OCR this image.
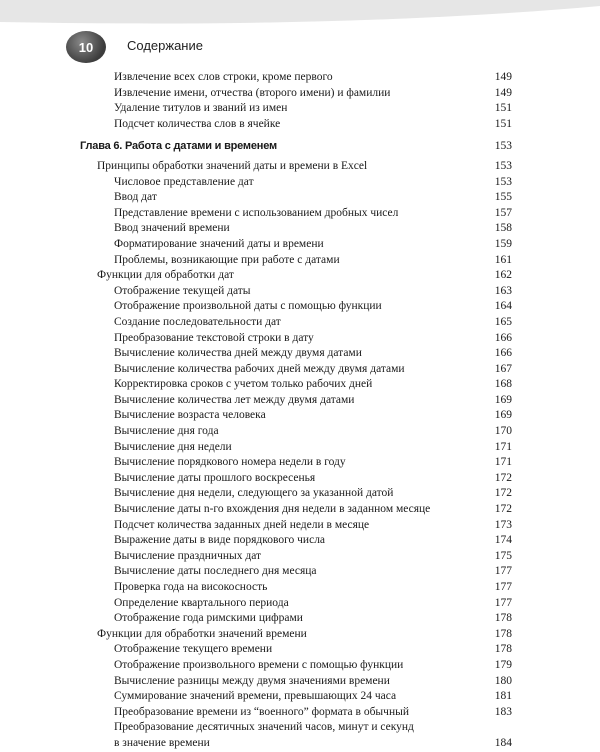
10	Содержание
Извлечение всех слов строки, кроме первого	149
Извлечение имени, отчества (второго имени) и фамилии	149
Удаление титулов и званий из имен	151
Подсчет количества слов в ячейке	151
Глава 6. Работа с датами и временем	153
Принципы обработки значений даты и времени в Excel	153
Числовое представление дат	153
Ввод дат	155
Представление времени с использованием дробных чисел	157
Ввод значений времени	158
Форматирование значений даты и времени	159
Проблемы, возникающие при работе с датами	161
Функции для обработки дат	162
Отображение текущей даты	163
Отображение произвольной даты с помощью функции	164
Создание последовательности дат	165
Преобразование текстовой строки в дату	166
Вычисление количества дней между двумя датами	166
Вычисление количества рабочих дней между двумя датами	167
Корректировка сроков с учетом только рабочих дней	168
Вычисление количества лет между двумя датами	169
Вычисление возраста человека	169
Вычисление дня года	170
Вычисление дня недели	171
Вычисление порядкового номера недели в году	171
Вычисление даты прошлого воскресенья	172
Вычисление дня недели, следующего за указанной датой	172
Вычисление даты n-го вхождения дня недели в заданном месяце	172
Подсчет количества заданных дней недели в месяце	173
Выражение даты в виде порядкового числа	174
Вычисление праздничных дат	175
Вычисление даты последнего дня месяца	177
Проверка года на високосность	177
Определение квартального периода	177
Отображение года римскими цифрами	178
Функции для обработки значений времени	178
Отображение текущего времени	178
Отображение произвольного времени с помощью функции	179
Вычисление разницы между двумя значениями времени	180
Суммирование значений времени, превышающих 24 часа	181
Преобразование времени из “военного” формата в обычный	183
Преобразование десятичных значений часов, минут и секунд
в значение времени	184
